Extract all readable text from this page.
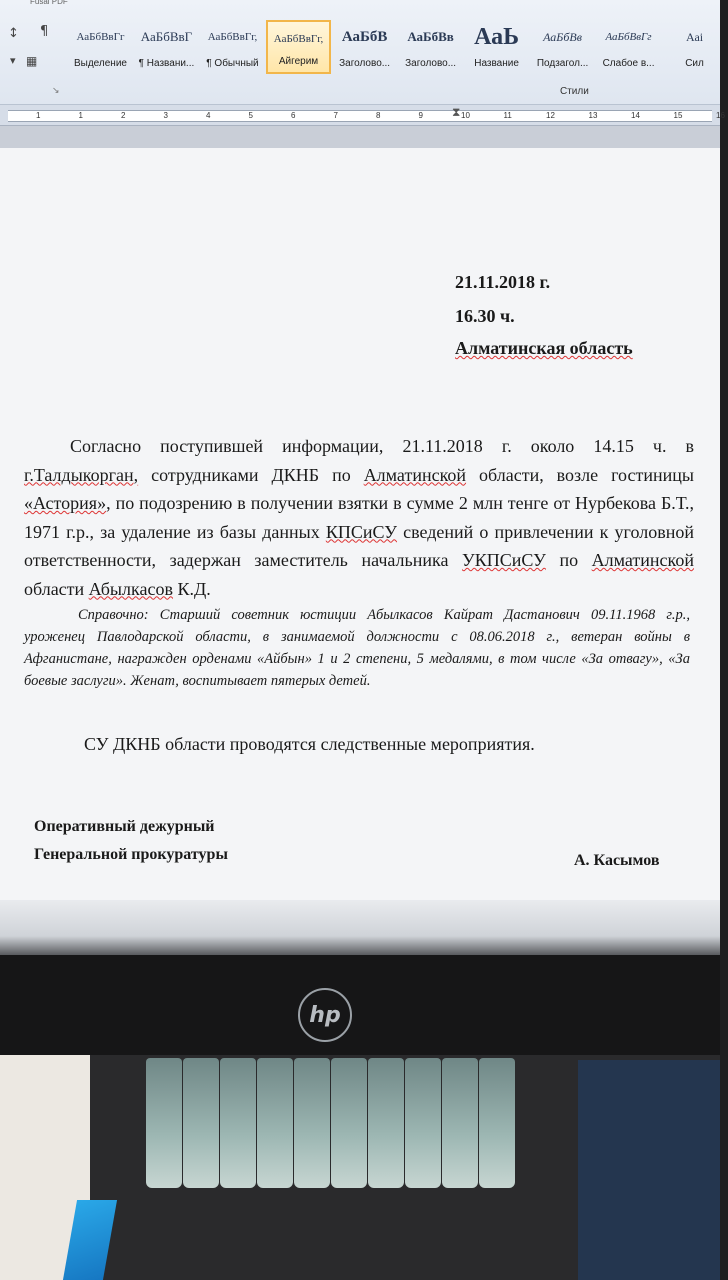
Fusal PDF
↕ ¶
▾ ▦
АаБбВвГг
Выделение
АаБбВвГ
¶ Названи...
АаБбВвГг,
¶ Обычный
АаБбВвГг,
Айгерим
АаБбВ
Заголово...
АаБбВв
Заголово...
АаЬ
Название
АаБбВв
Подзагол...
АаБбВвГг
Слабое в...
Ааі
Сил
↘	Стили
1	1	2	3	4	5	6	7	8	9	10	11	12	13	14	15	16
⧗
21.11.2018 г.
16.30 ч.
Алматинская область

Согласно поступившей информации, 21.11.2018 г. около 14.15 ч. в г.Талдыкорган, сотрудниками ДКНБ по Алматинской области, возле гостиницы «Астория», по подозрению в получении взятки в сумме 2 млн тенге от Нурбекова Б.Т., 1971 г.р., за удаление из базы данных КПСиСУ сведений о привлечении к уголовной ответственности, задержан заместитель начальника УКПСиСУ по Алматинской области Абылкасов К.Д.

Справочно: Старший советник юстиции Абылкасов Кайрат Дастанович 09.11.1968 г.р., уроженец Павлодарской области, в занимаемой должности с 08.06.2018 г., ветеран войны в Афганистане, награжден орденами «Айбын» 1 и 2 степени, 5 медалями, в том числе «За отвагу», «За боевые заслуги». Женат, воспитывает пятерых детей.

СУ ДКНБ области проводятся следственные мероприятия.
Оперативный дежурный
Генеральной прокуратуры	А. Касымов
hp
